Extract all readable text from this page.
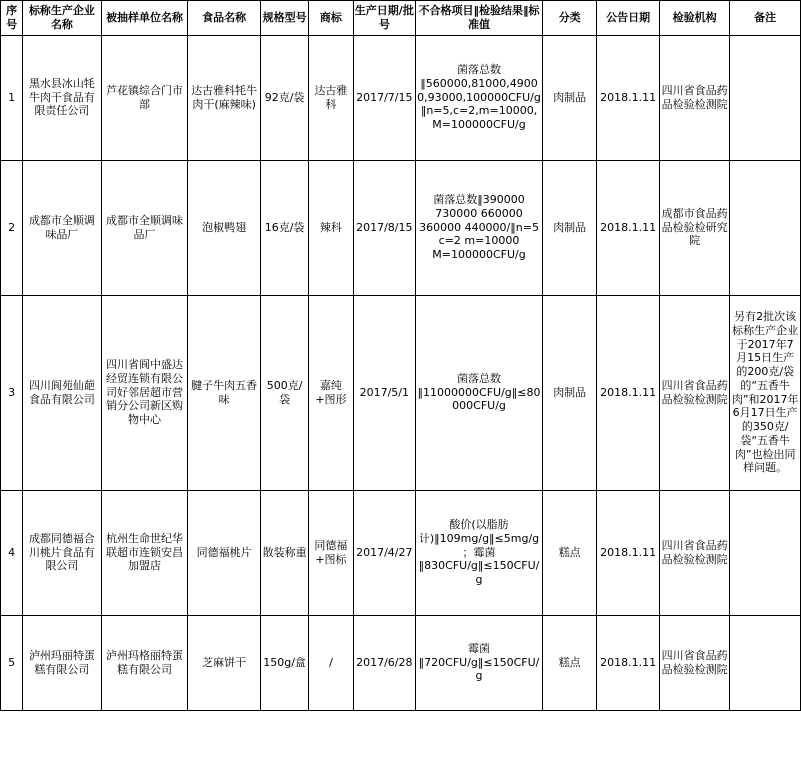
序号	标称生产企业名称	被抽样单位名称	食品名称	规格型号	商标	生产日期/批号	不合格项目‖检验结果‖标准值	分类	公告日期	检验机构	备注
1	黑水县冰山牦牛肉干食品有限责任公司	芦花镇综合门市部	达古雅科牦牛肉干(麻辣味)	92克/袋	达古雅科	2017/7/15	菌落总数‖560000,81000,49000,93000,100000CFU/g‖n=5,c=2,m=10000,M=100000CFU/g	肉制品	2018.1.11	四川省食品药品检验检测院	
2	成都市全顺调味品厂	成都市全顺调味品厂	泡椒鸭翅	16克/袋	辣科	2017/8/15	菌落总数‖390000 730000 660000 360000 440000/‖n=5 c=2 m=10000 M=100000CFU/g	肉制品	2018.1.11	成都市食品药品检验检研究院	
3	四川阆苑仙葩食品有限公司	四川省阆中盛达经贸连锁有限公司好邻居超市营销分公司新区购物中心	腱子牛肉五香味	500克/袋	嘉纯+图形	2017/5/1	菌落总数‖11000000CFU/g‖≤80000CFU/g	肉制品	2018.1.11	四川省食品药品检验检测院	另有2批次该标称生产企业于2017年7月15日生产的200克/袋的“五香牛肉”和2017年6月17日生产的350克/袋“五香牛肉”也检出同样问题。
4	成都同德福合川桃片食品有限公司	杭州生命世纪华联超市连锁安昌加盟店	同德福桃片	散装称重	同德福+图标	2017/4/27	酸价(以脂肪计)‖109mg/g‖≤5mg/g；霉菌‖830CFU/g‖≤150CFU/g	糕点	2018.1.11	四川省食品药品检验检测院	
5	泸州玛丽特蛋糕有限公司	泸州玛格丽特蛋糕有限公司	芝麻饼干	150g/盒	/	2017/6/28	霉菌‖720CFU/g‖≤150CFU/g	糕点	2018.1.11	四川省食品药品检验检测院	
